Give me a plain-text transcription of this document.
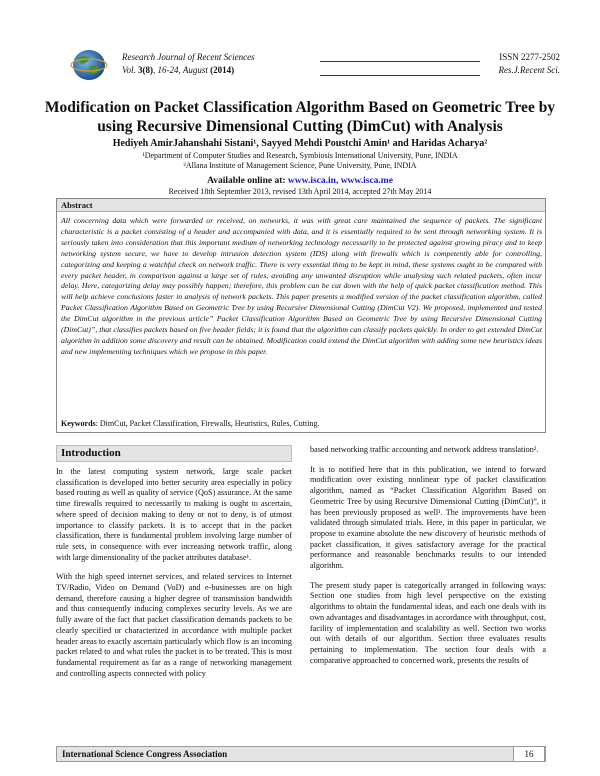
Research Journal of Recent Sciences
Vol. 3(8), 16-24, August (2014)
ISSN 2277-2502
Res.J.Recent Sci.
Modification on Packet Classification Algorithm Based on Geometric Tree by using Recursive Dimensional Cutting (DimCut) with Analysis
Hediyeh AmirJahanshahi Sistani¹, Sayyed Mehdi Poustchi Amin¹ and Haridas Acharya²
¹Department of Computer Studies and Research, Symbiosis International University, Pune, INDIA
²Allana Institute of Management Science, Pune University, Pune, INDIA
Available online at: www.isca.in, www.isca.me
Received 18th September 2013, revised 13th April 2014, accepted 27th May 2014
Abstract
All concerning data which were forwarded or received, on networks, it was with great care maintained the sequence of packets. The significant characteristic is a packet consisting of a header and accompanied with data, and it is essentially required to be sent through networking system. It is seriously taken into consideration that this important medium of networking technology necessarily to be protected against growing piracy and to keep networking system secure, we have to develop intrusion detection system (IDS) along with firewalls which is competently able for controlling, categorizing and keeping a watchful check on network traffic. There is very essential thing to be kept in mind, these systems ought to be compared with every packet header, in comparison against a large set of rules, avoiding any unwanted disruption while analysing such related packets, often incur delay. Here, categorizing delay may possibly happen; therefore, this problem can be cut down with the help of quick packet classification method. This will help achieve conclusions faster in analysis of network packets. This paper presents a modified version of the packet classification algorithm, called Packet Classification Algorithm Based on Geometric Tree by using Recursive Dimensional Cutting (DimCut V2). We proposed, implemented and tested the DimCut algorithm in the previous article” Packet Classification Algorithm Based on Geometric Tree by using Recursive Dimensional Cutting (DimCut)”, that classifies packets based on five header fields; it is found that the algorithm can classify packets quickly. In order to get extended DimCut algorithm in addition some discovery and result can be obtained. Modification could extend the DimCut algorithm with adding some new heuristics ideas and new implementing techniques which we propose in this paper.
Keywords: DimCut, Packet Classification, Firewalls, Heuristics, Rules, Cutting.
Introduction

In the latest computing system network, large scale packet classification is developed into better security area especially in policy based routing as well as quality of service (QoS) assurance. At the same time firewalls required to necessarily to making is ought to ascertain, where speed of decision making to deny or not to deny, is of utmost importance to classify packets. It is to accept that in the packet classification, there is fundamental problem involving large number of rule sets, in consequence with ever increasing network traffic, along with large dimensionality of the packet attributes database¹.

With the high speed internet services, and related services to Internet TV/Radio, Video on Demand (VoD) and e-businesses are on high demand, therefore causing a higher degree of transmission bandwidth and thus consequently inducing complexes security levels. As we are fully aware of the fact that packet classification demands packets to be clearly specified or characterized in accordance with multiple packet header areas to exactly ascertain particularly which flow is an incoming packet related to and what rules the packet is to be treated. This is most fundamental requirement as far as a range of networking management and controlling aspects connected with policy

based networking traffic accounting and network address translation².

It is to notified here that in this publication, we intend to forward modification over existing nonlinear type of packet classification algorithm, named as “Packet Classification Algorithm Based on Geometric Tree by using Recursive Dimensional Cutting (DimCut)”, it has been previously proposed as well¹. The improvements have been validated through simulated trials. Here, in this paper in particular, we propose to examine absolute the new discovery of heuristic methods of packet classification, it gives satisfactory average for the practical performance and reasonable benchmarks results to our intended algorithm.

The present study paper is categorically arranged in following ways: Section one studies from high level perspective on the existing algorithms to obtain the fundamental ideas, and each one deals with its own advantages and disadvantages in accordance with throughput, cost, facility of implementation and scalability as well. Section two works out with details of our algorithm. Section three evaluates results pertaining to implementation. The section four deals with a comparative approached to concerned work, presents the results of

International Science Congress Association	16
